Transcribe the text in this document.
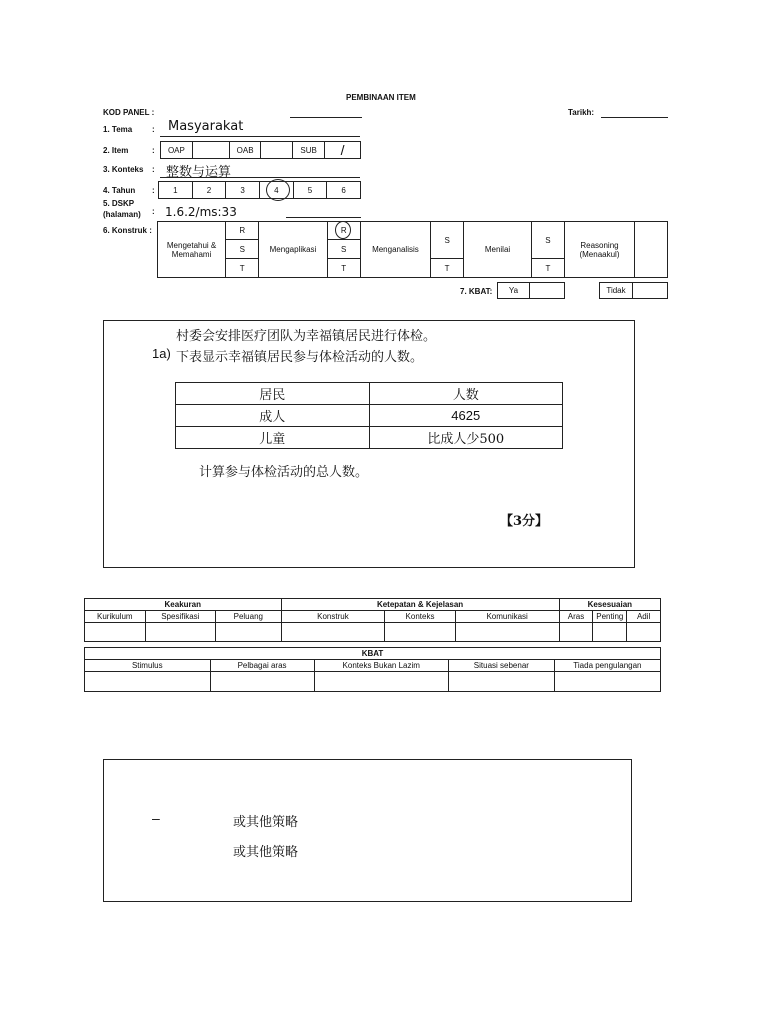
PEMBINAAN ITEM
KOD PANEL :	Tarikh:
1. Tema : Masyarakat
2. Item	: OAP		OAB		SUB	/
3. Konteks : 整数与运算
4. Tahun : 1	2	3	4	5	6
5. DSKP
(halaman) : 1.6.2/ms:33
6. Konstruk :
Mengetahui & Memahami	R	Mengaplikasi	R	Menganalisis	S	Menilai	S	Reasoning (Menaakul)	
	S		S						
	T		T		T		T		
7. KBAT: Ya		Tidak	
村委会安排医疗团队为幸福镇居民进行体检。
1a) 下表显示幸福镇居民参与体检活动的人数。
居民	人数
成人	4625
儿童	比成人少500
计算参与体检活动的总人数。
【3分】
Keakuran			Ketepatan & Kejelasan			Kesesuaian		
Kurikulum	Spesifikasi	Peluang	Konstruk	Konteks	Komunikasi	Aras	Penting	Adil

KBAT				
Stimulus	Pelbagai aras	Konteks Bukan Lazim	Situasi sebenar	Tiada pengulangan

–	或其他策略
或其他策略
